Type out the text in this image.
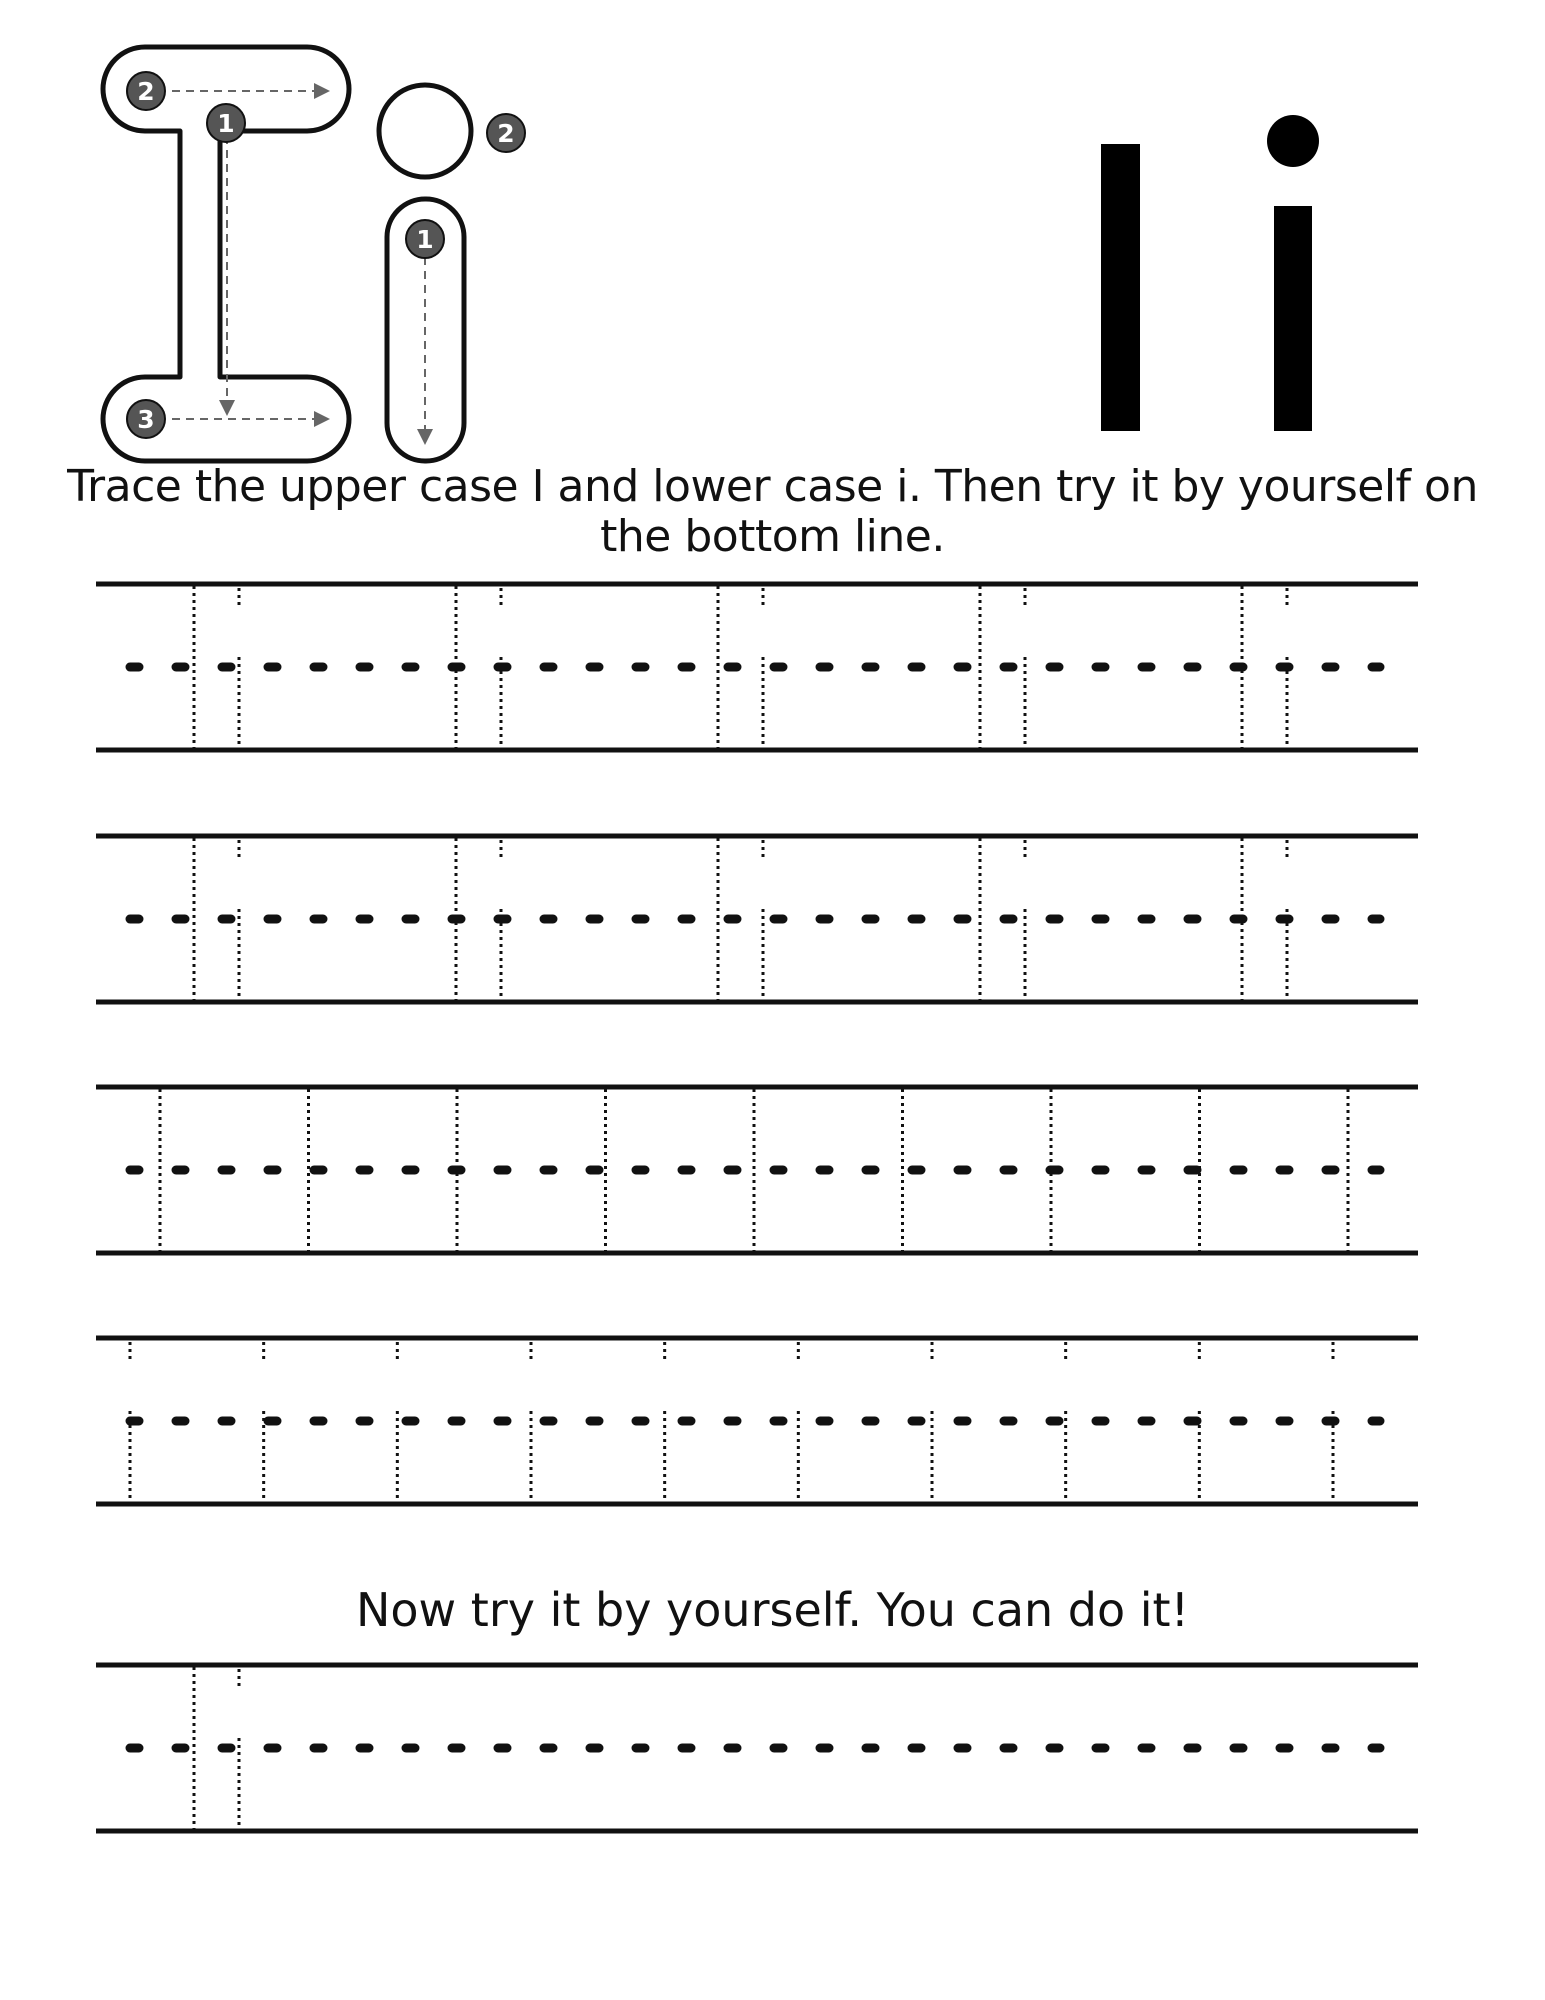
2
1
3
1
2

Trace the upper case I and lower case i. Then try it by yourself on the bottom line.

Now try it by yourself. You can do it!
